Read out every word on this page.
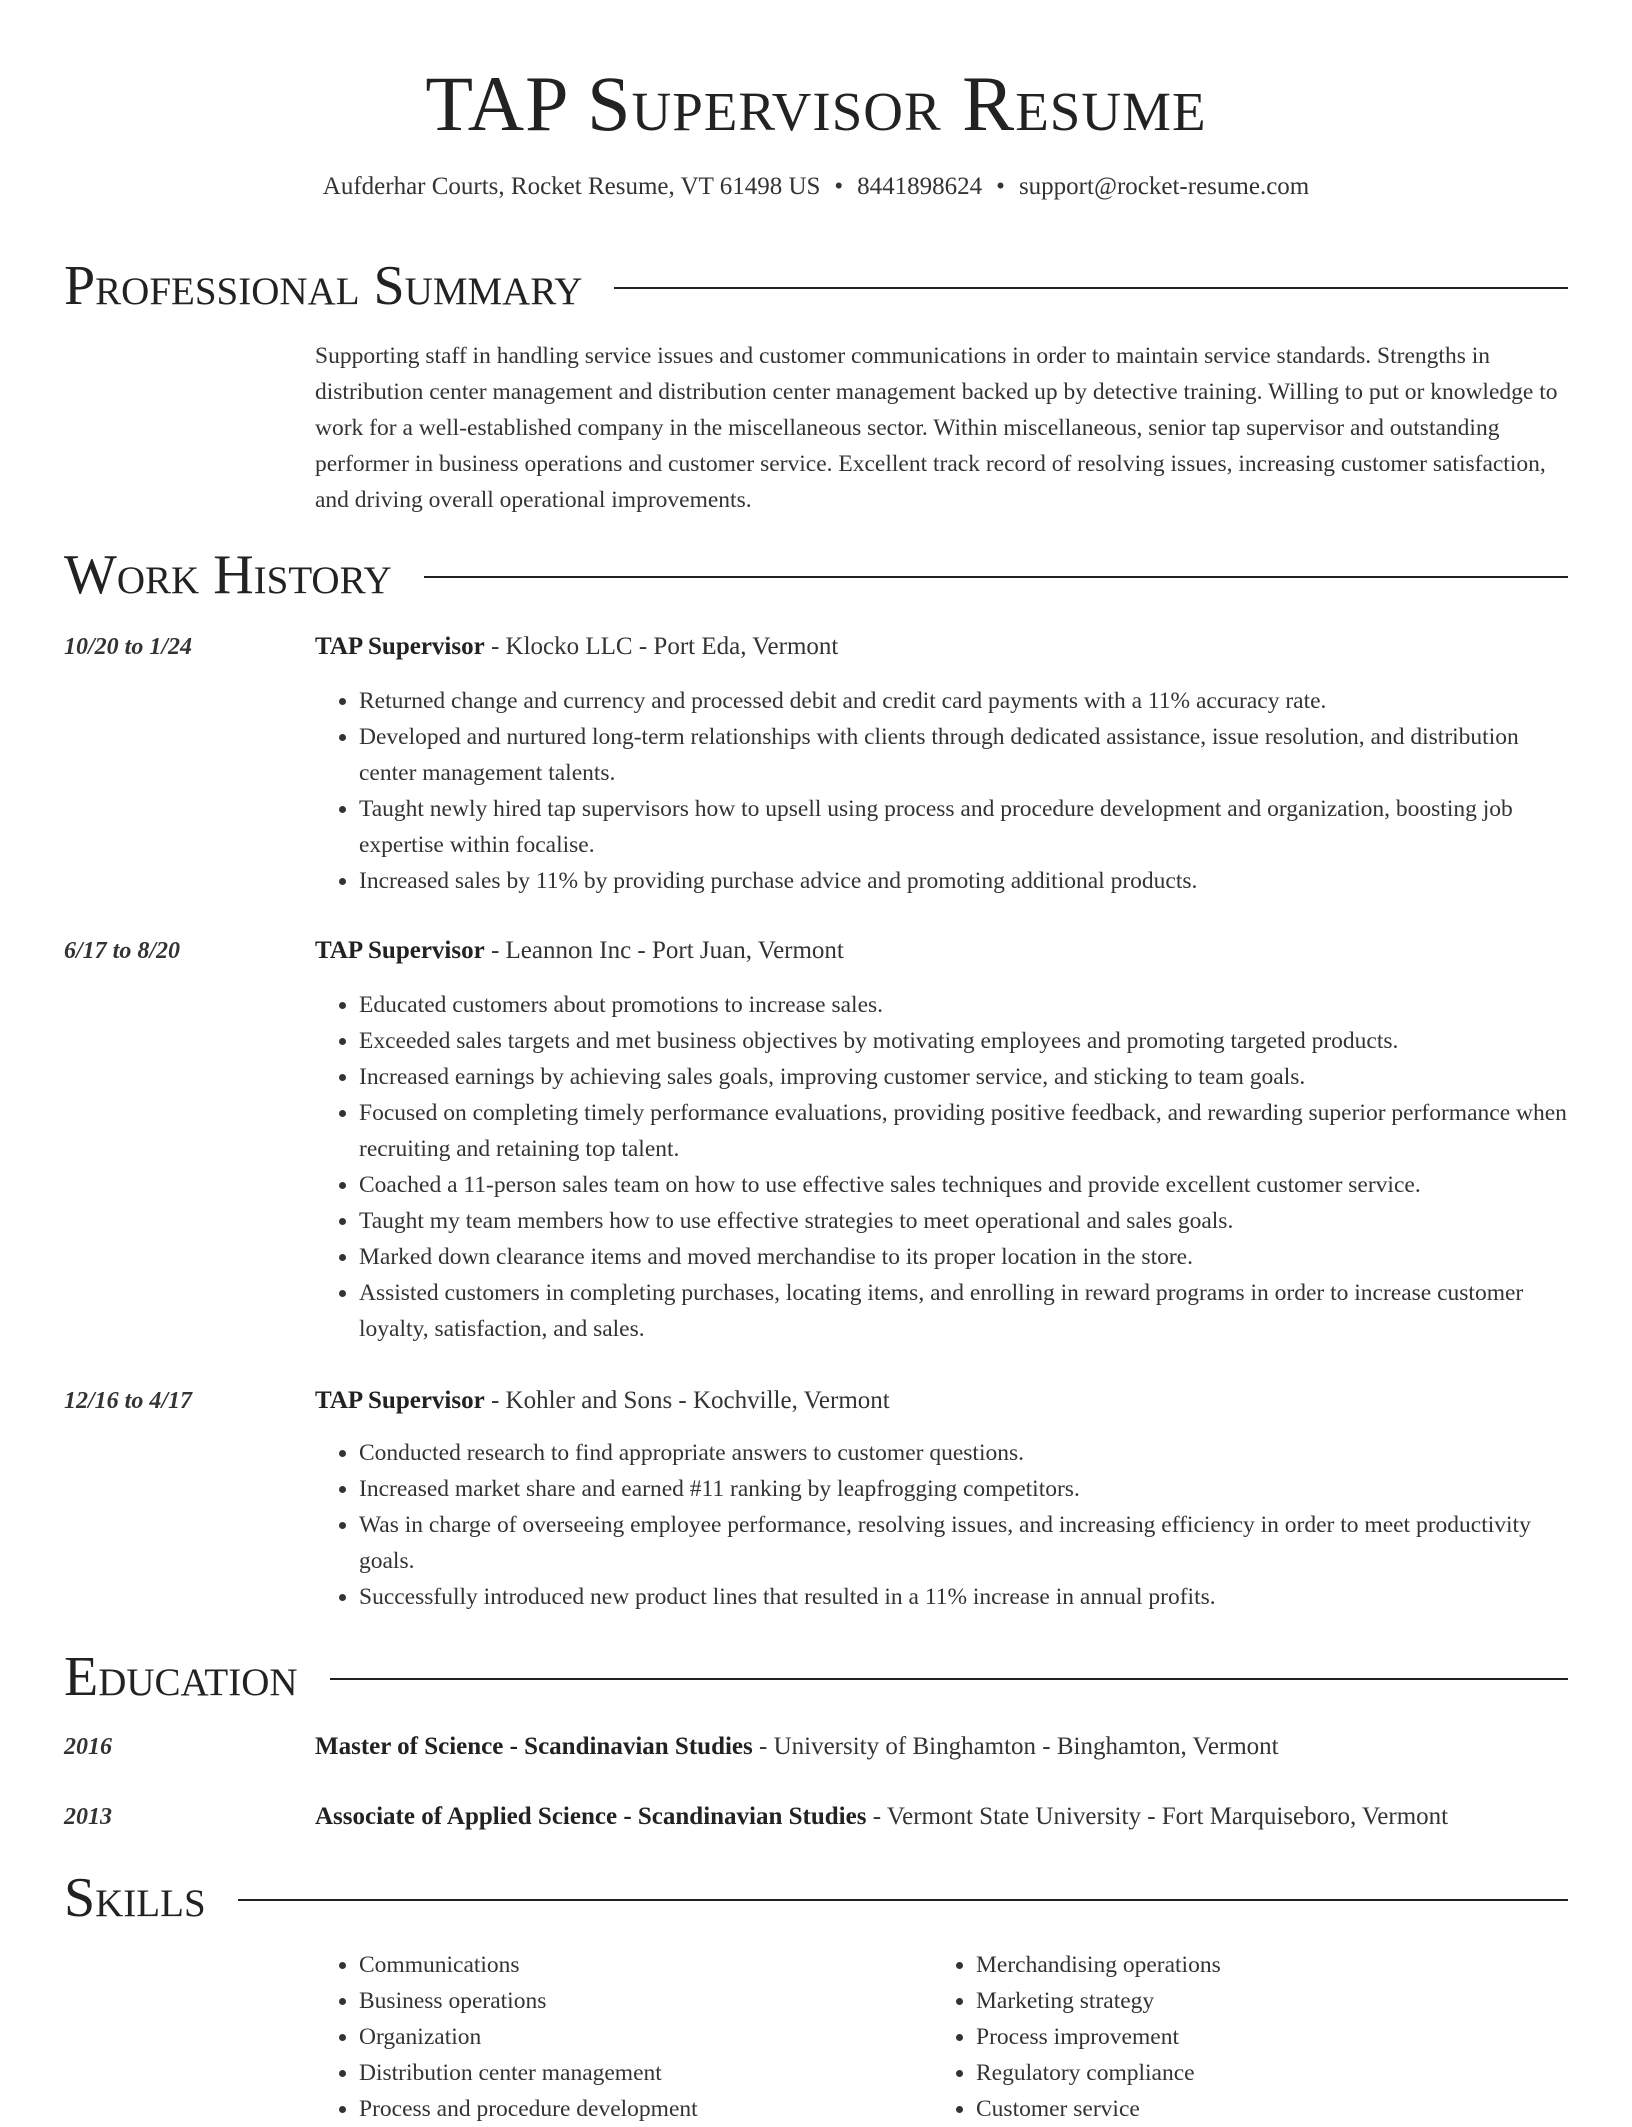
TAP Supervisor Resume
Aufderhar Courts, Rocket Resume, VT 61498 US • 8441898624 • support@rocket-resume.com
Professional Summary

Supporting staff in handling service issues and customer communications in order to maintain service standards. Strengths in distribution center management and distribution center management backed up by detective training. Willing to put or knowledge to work for a well-established company in the miscellaneous sector. Within miscellaneous, senior tap supervisor and outstanding performer in business operations and customer service. Excellent track record of resolving issues, increasing customer satisfaction, and driving overall operational improvements.

Work History
10/20 to 1/24	TAP Supervisor - Klocko LLC - Port Eda, Vermont
• Returned change and currency and processed debit and credit card payments with a 11% accuracy rate.
• Developed and nurtured long-term relationships with clients through dedicated assistance, issue resolution, and distribution center management talents.
• Taught newly hired tap supervisors how to upsell using process and procedure development and organization, boosting job expertise within focalise.
• Increased sales by 11% by providing purchase advice and promoting additional products.
6/17 to 8/20	TAP Supervisor - Leannon Inc - Port Juan, Vermont
• Educated customers about promotions to increase sales.
• Exceeded sales targets and met business objectives by motivating employees and promoting targeted products.
• Increased earnings by achieving sales goals, improving customer service, and sticking to team goals.
• Focused on completing timely performance evaluations, providing positive feedback, and rewarding superior performance when recruiting and retaining top talent.
• Coached a 11-person sales team on how to use effective sales techniques and provide excellent customer service.
• Taught my team members how to use effective strategies to meet operational and sales goals.
• Marked down clearance items and moved merchandise to its proper location in the store.
• Assisted customers in completing purchases, locating items, and enrolling in reward programs in order to increase customer loyalty, satisfaction, and sales.
12/16 to 4/17	TAP Supervisor - Kohler and Sons - Kochville, Vermont
• Conducted research to find appropriate answers to customer questions.
• Increased market share and earned #11 ranking by leapfrogging competitors.
• Was in charge of overseeing employee performance, resolving issues, and increasing efficiency in order to meet productivity goals.
• Successfully introduced new product lines that resulted in a 11% increase in annual profits.
Education
2016	Master of Science - Scandinavian Studies - University of Binghamton - Binghamton, Vermont
2013	Associate of Applied Science - Scandinavian Studies - Vermont State University - Fort Marquiseboro, Vermont
Skills
• Communications
• Business operations
• Organization
• Distribution center management
• Process and procedure development
• Merchandising operations
• Marketing strategy
• Process improvement
• Regulatory compliance
• Customer service
